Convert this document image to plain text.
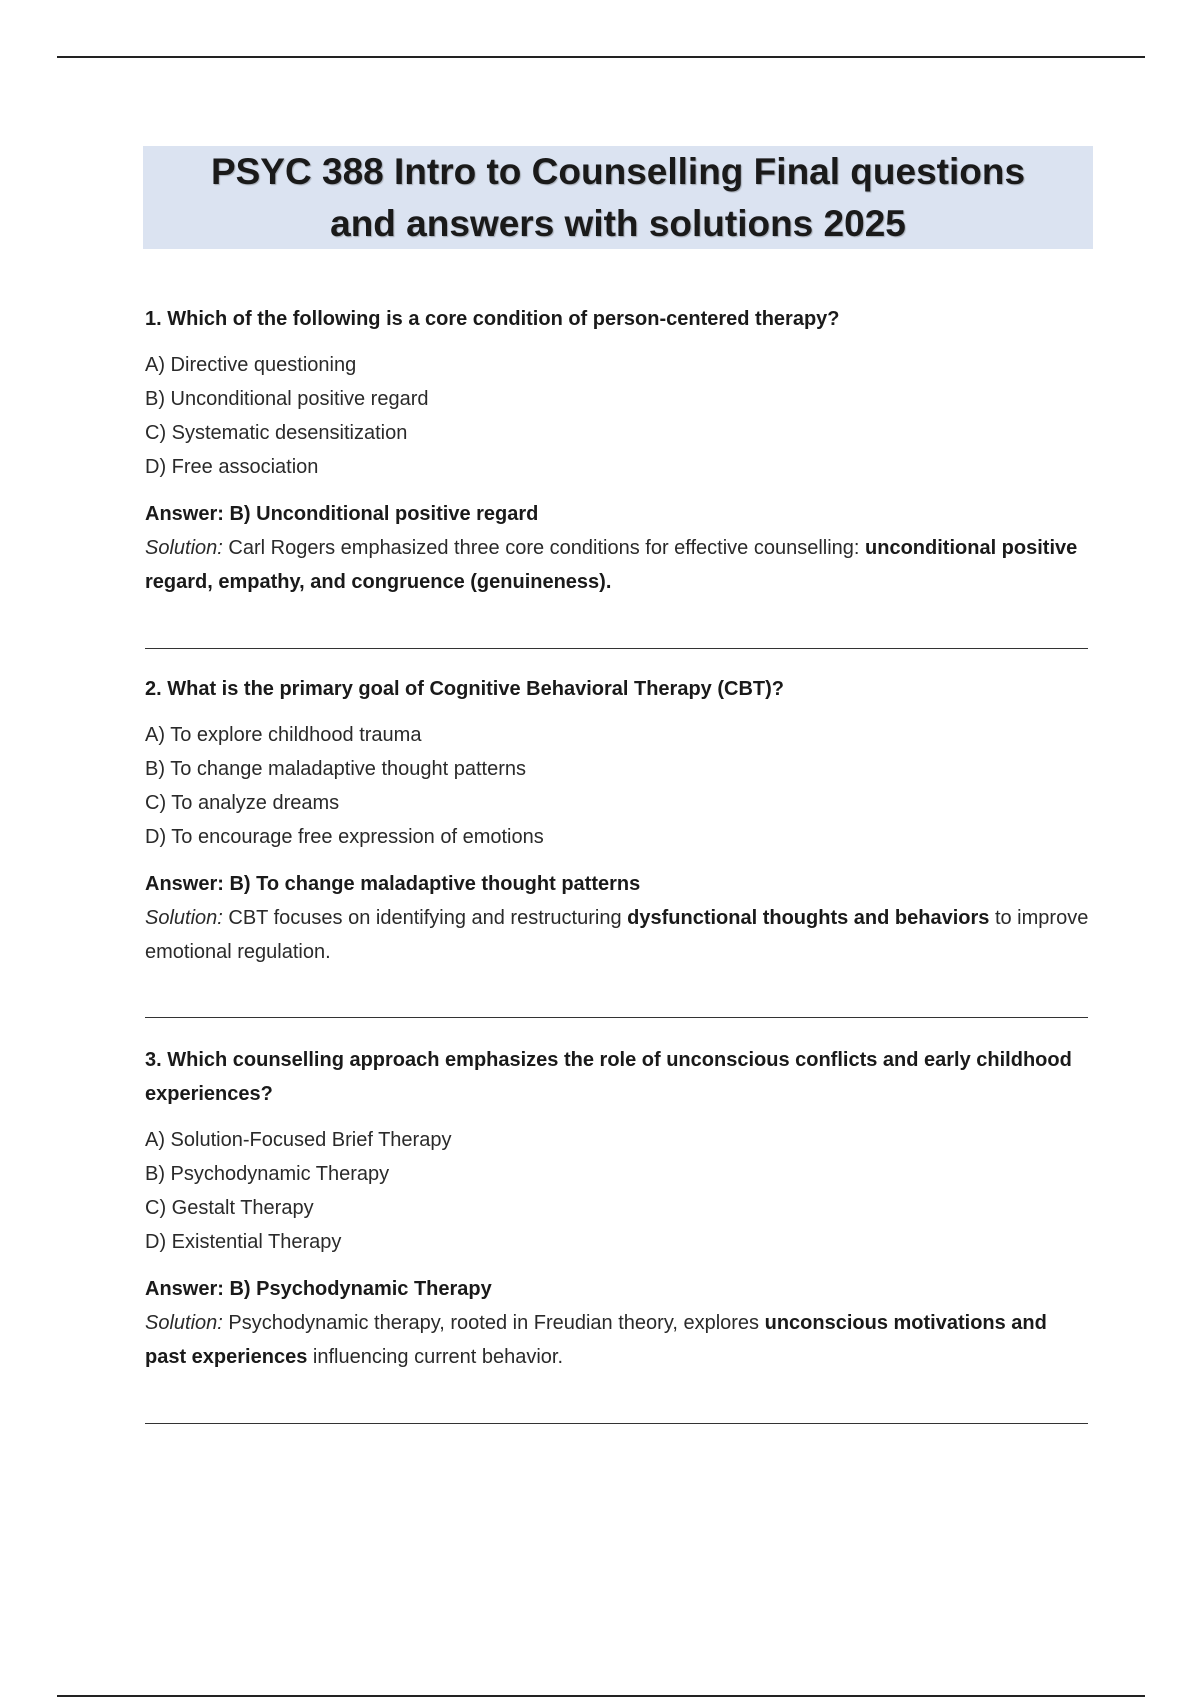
PSYC 388 Intro to Counselling Final questions
and answers with solutions 2025

1. Which of the following is a core condition of person-centered therapy?

A) Directive questioning
B) Unconditional positive regard
C) Systematic desensitization
D) Free association

Answer: B) Unconditional positive regard

Solution: Carl Rogers emphasized three core conditions for effective counselling: unconditional positive regard, empathy, and congruence (genuineness).

2. What is the primary goal of Cognitive Behavioral Therapy (CBT)?

A) To explore childhood trauma
B) To change maladaptive thought patterns
C) To analyze dreams
D) To encourage free expression of emotions

Answer: B) To change maladaptive thought patterns

Solution: CBT focuses on identifying and restructuring dysfunctional thoughts and behaviors to improve emotional regulation.

3. Which counselling approach emphasizes the role of unconscious conflicts and early childhood experiences?

A) Solution-Focused Brief Therapy
B) Psychodynamic Therapy
C) Gestalt Therapy
D) Existential Therapy

Answer: B) Psychodynamic Therapy

Solution: Psychodynamic therapy, rooted in Freudian theory, explores unconscious motivations and past experiences influencing current behavior.
